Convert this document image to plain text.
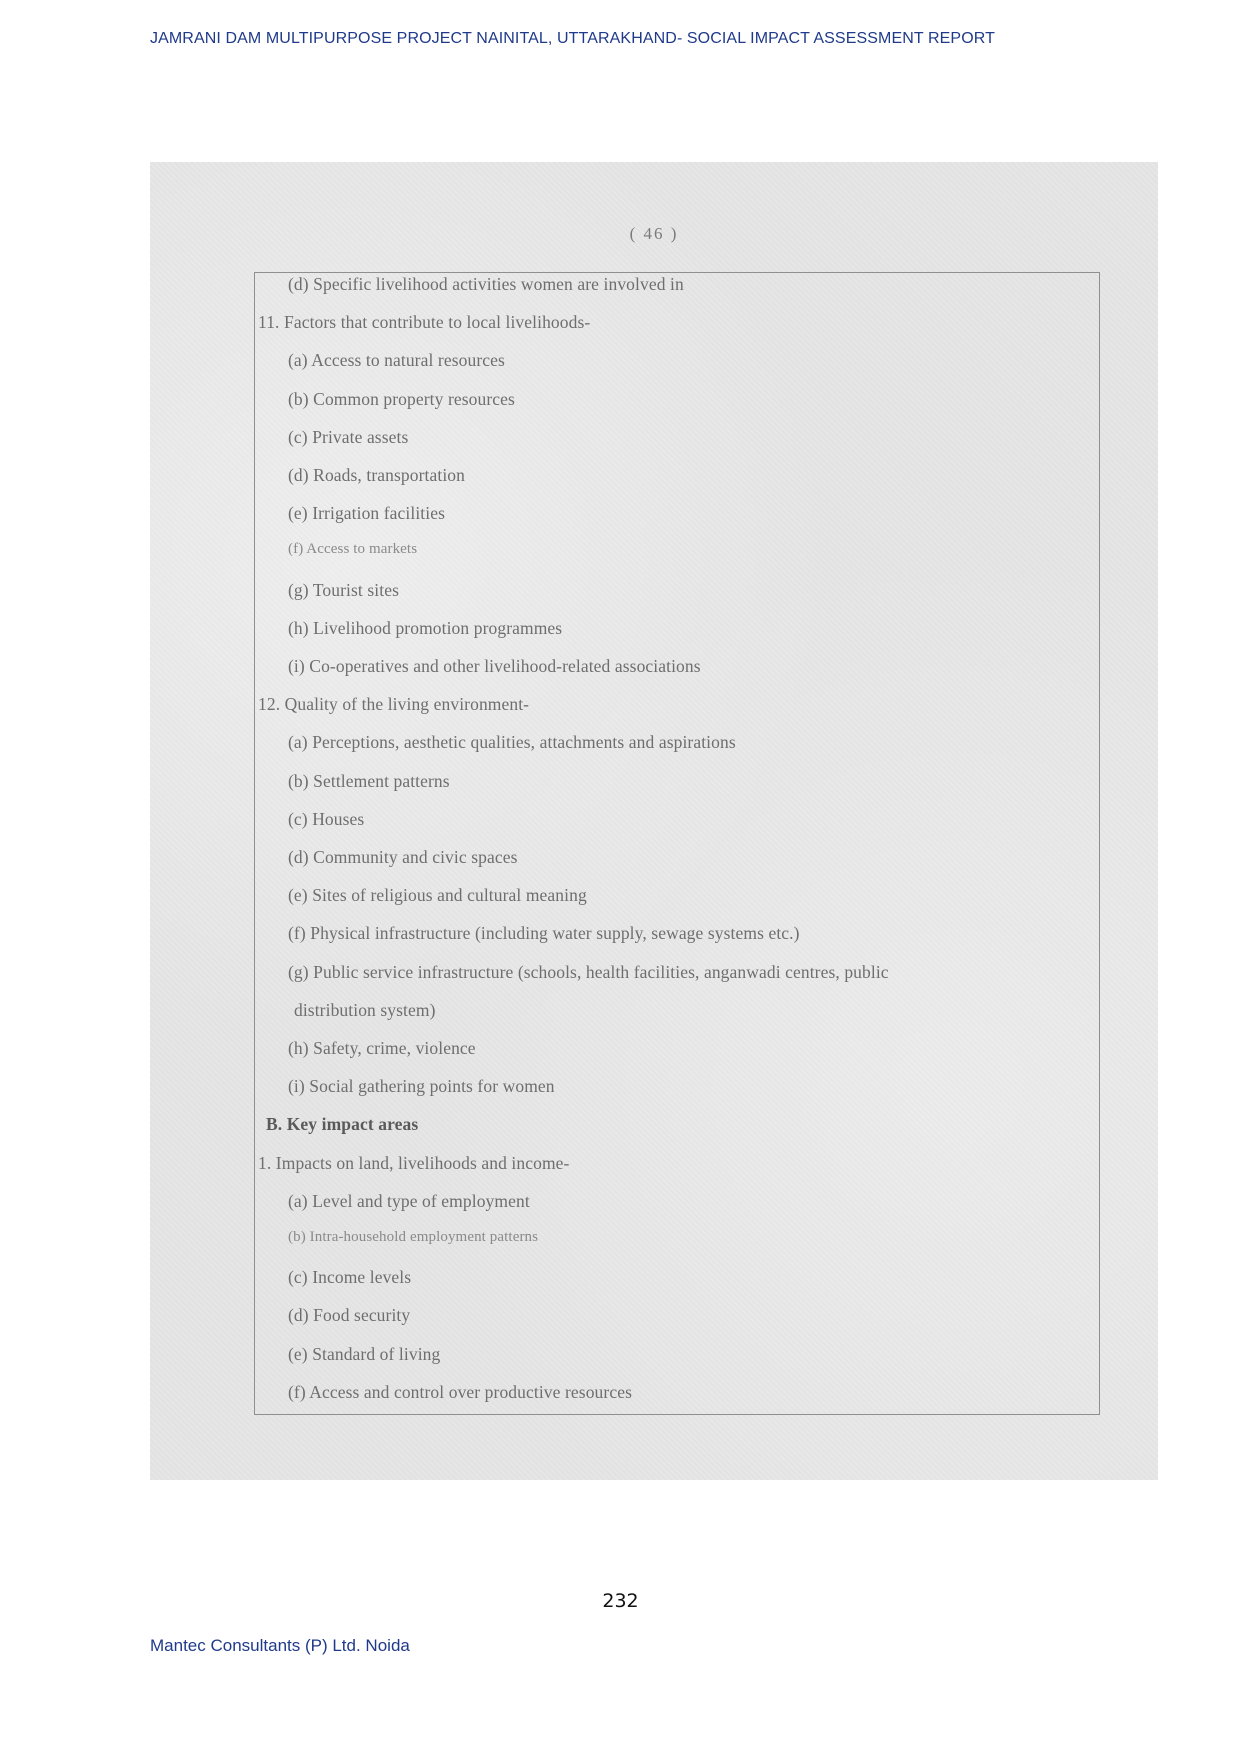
JAMRANI DAM MULTIPURPOSE PROJECT NAINITAL, UTTARAKHAND- SOCIAL IMPACT ASSESSMENT REPORT
( 46 )
(d) Specific livelihood activities women are involved in
11. Factors that contribute to local livelihoods-
(a) Access to natural resources
(b) Common property resources
(c) Private assets
(d) Roads, transportation
(e) Irrigation facilities
(f) Access to markets
(g) Tourist sites
(h) Livelihood promotion programmes
(i) Co-operatives and other livelihood-related associations
12. Quality of the living environment-
(a) Perceptions, aesthetic qualities, attachments and aspirations
(b) Settlement patterns
(c) Houses
(d) Community and civic spaces
(e) Sites of religious and cultural meaning
(f) Physical infrastructure (including water supply, sewage systems etc.)
(g) Public service infrastructure (schools, health facilities, anganwadi centres, public
distribution system)
(h) Safety, crime, violence
(i) Social gathering points for women
B. Key impact areas
1. Impacts on land, livelihoods and income-
(a) Level and type of employment
(b) Intra-household employment patterns
(c) Income levels
(d) Food security
(e) Standard of living
(f) Access and control over productive resources
232
Mantec Consultants (P) Ltd. Noida
